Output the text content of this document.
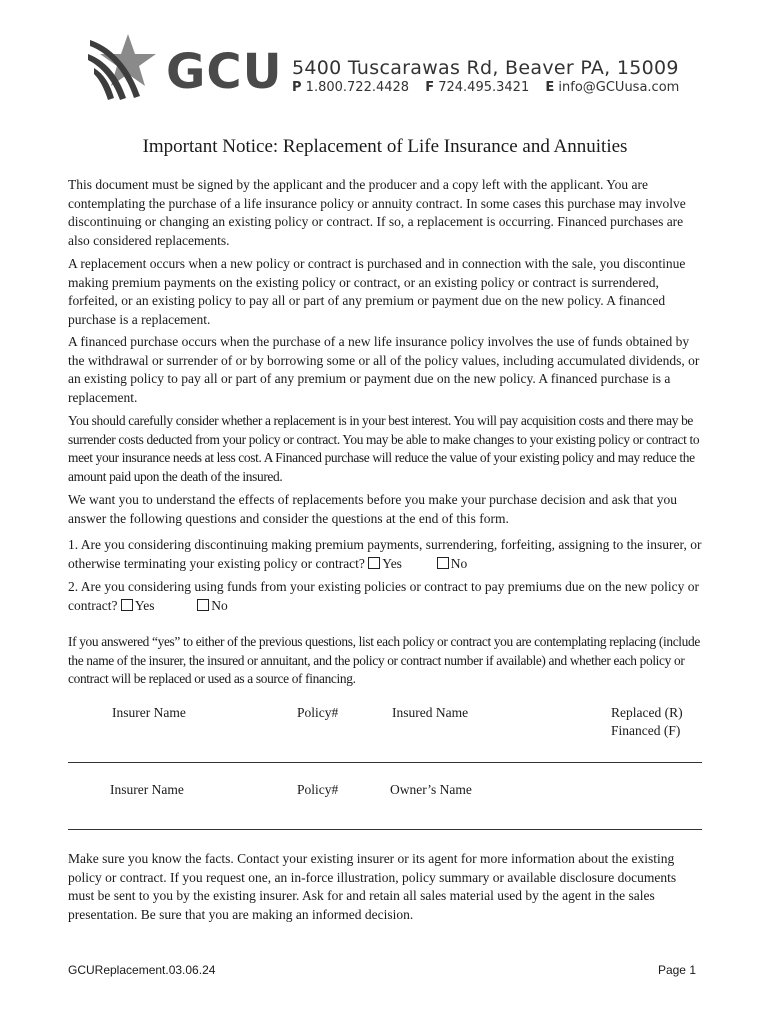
GCU 5400 Tuscarawas Rd, Beaver PA, 15009
P 1.800.722.4428 F 724.495.3421 E info@GCUusa.com
Important Notice: Replacement of Life Insurance and Annuities

This document must be signed by the applicant and the producer and a copy left with the applicant. You are contemplating the purchase of a life insurance policy or annuity contract. In some cases this purchase may involve discontinuing or changing an existing policy or contract. If so, a replacement is occurring. Financed purchases are also considered replacements.

A replacement occurs when a new policy or contract is purchased and in connection with the sale, you discontinue making premium payments on the existing policy or contract, or an existing policy or contract is surrendered, forfeited, or an existing policy to pay all or part of any premium or payment due on the new policy. A financed purchase is a replacement.

A financed purchase occurs when the purchase of a new life insurance policy involves the use of funds obtained by the withdrawal or surrender of or by borrowing some or all of the policy values, including accumulated dividends, or an existing policy to pay all or part of any premium or payment due on the new policy. A financed purchase is a replacement.

You should carefully consider whether a replacement is in your best interest. You will pay acquisition costs and there may be surrender costs deducted from your policy or contract. You may be able to make changes to your existing policy or contract to meet your insurance needs at less cost. A Financed purchase will reduce the value of your existing policy and may reduce the amount paid upon the death of the insured.

We want you to understand the effects of replacements before you make your purchase decision and ask that you answer the following questions and consider the questions at the end of this form.

1. Are you considering discontinuing making premium payments, surrendering, forfeiting, assigning to the insurer, or otherwise terminating your existing policy or contract? Yes	No

2. Are you considering using funds from your existing policies or contract to pay premiums due on the new policy or contract? Yes	No

If you answered “yes” to either of the previous questions, list each policy or contract you are contemplating replacing (include the name of the insurer, the insured or annuitant, and the policy or contract number if available) and whether each policy or contract will be replaced or used as a source of financing.

Insurer Name	Policy#	Insured Name	Replaced (R)
Financed (F)
Insurer Name	Policy#	Owner’s Name

Make sure you know the facts. Contact your existing insurer or its agent for more information about the existing policy or contract. If you request one, an in-force illustration, policy summary or available disclosure documents must be sent to you by the existing insurer. Ask for and retain all sales material used by the agent in the sales presentation. Be sure that you are making an informed decision.

GCUReplacement.03.06.24	Page 1
